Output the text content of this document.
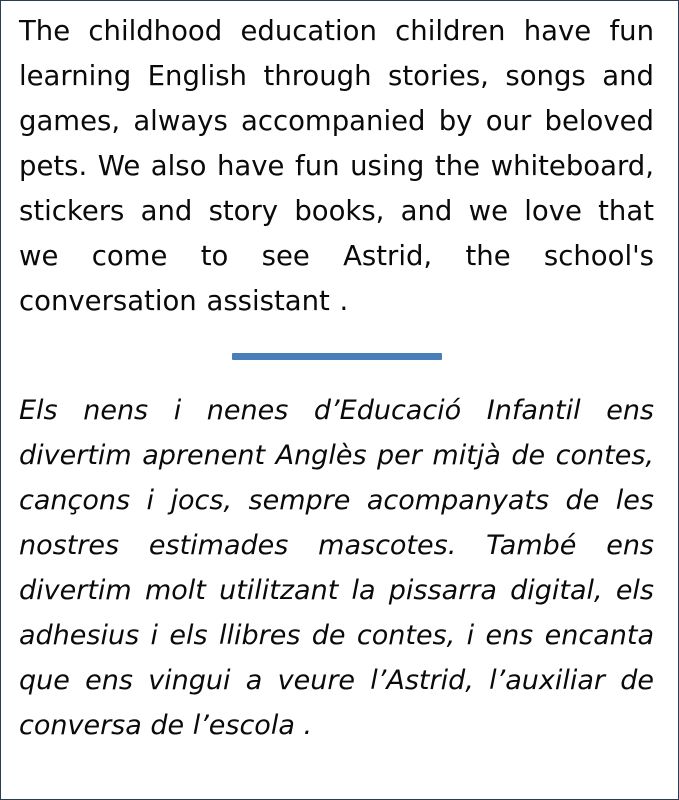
The childhood education children have fun learning English through stories, songs and games, always accompanied by our beloved pets. We also have fun using the whiteboard, stickers and story books, and we love that we come to see Astrid, the school's conversation assistant .

Els nens i nenes d’Educació Infantil ens divertim aprenent Anglès per mitjà de contes, cançons i jocs, sempre acompanyats de les nostres estimades mascotes. També ens divertim molt utilitzant la pissarra digital, els adhesius i els llibres de contes, i ens encanta que ens vingui a veure l’Astrid, l’auxiliar de conversa de l’escola .
